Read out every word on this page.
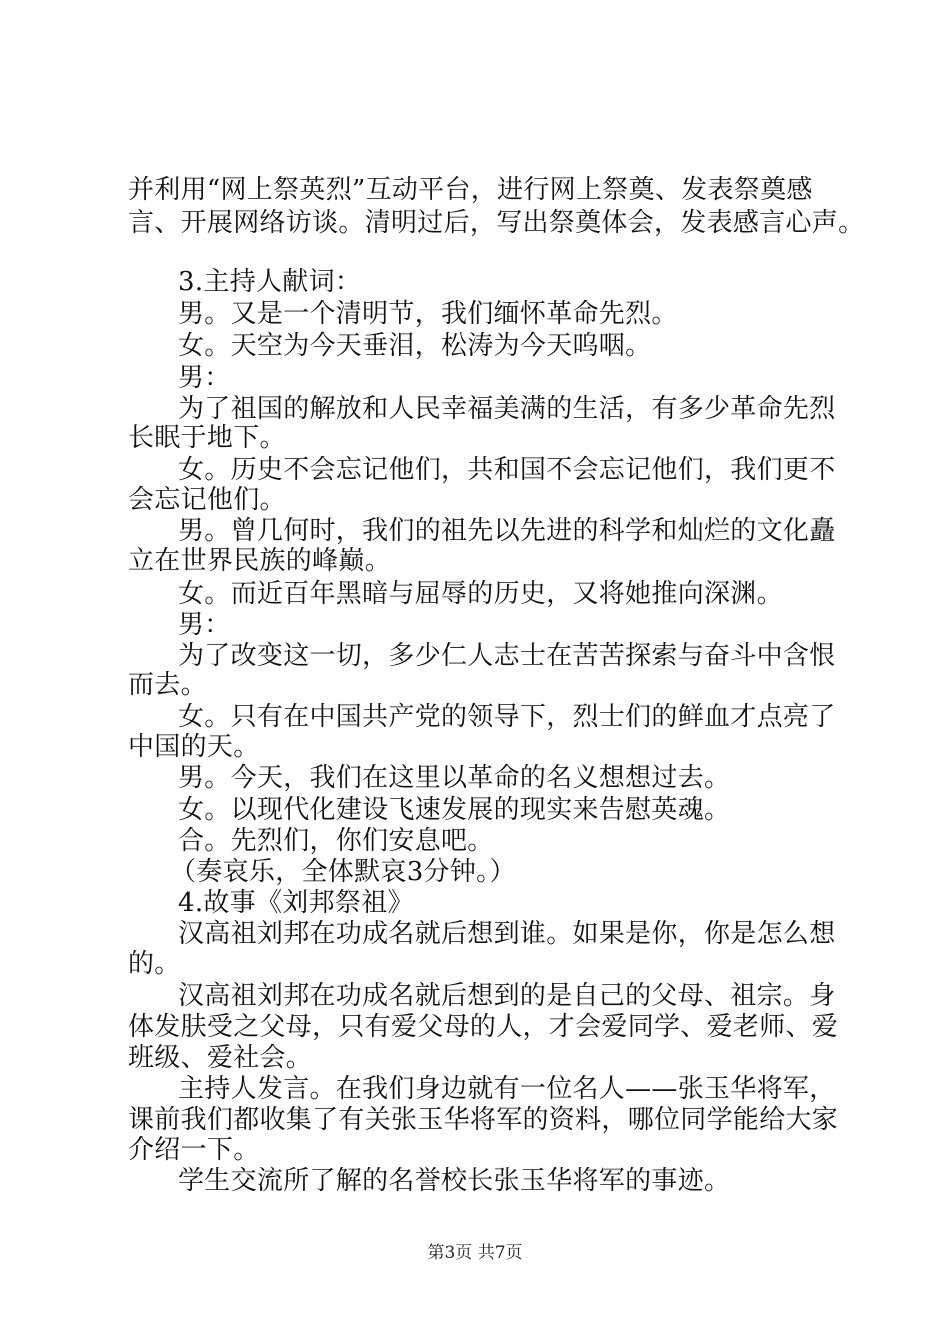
并利用“网上祭英烈”互动平台，进行网上祭奠、发表祭奠感
言、开展网络访谈。清明过后，写出祭奠体会，发表感言心声。
3.主持人献词：
男。又是一个清明节，我们缅怀革命先烈。
女。天空为今天垂泪，松涛为今天呜咽。
男：
为了祖国的解放和人民幸福美满的生活，有多少革命先烈
长眠于地下。
女。历史不会忘记他们，共和国不会忘记他们，我们更不
会忘记他们。
男。曾几何时，我们的祖先以先进的科学和灿烂的文化矗
立在世界民族的峰巅。
女。而近百年黑暗与屈辱的历史，又将她推向深渊。
男：
为了改变这一切，多少仁人志士在苦苦探索与奋斗中含恨
而去。
女。只有在中国共产党的领导下，烈士们的鲜血才点亮了
中国的天。
男。今天，我们在这里以革命的名义想想过去。
女。以现代化建设飞速发展的现实来告慰英魂。
合。先烈们，你们安息吧。
（奏哀乐，全体默哀3分钟。）
4.故事《刘邦祭祖》
汉高祖刘邦在功成名就后想到谁。如果是你，你是怎么想
的。
汉高祖刘邦在功成名就后想到的是自己的父母、祖宗。身
体发肤受之父母，只有爱父母的人，才会爱同学、爱老师、爱
班级、爱社会。
主持人发言。在我们身边就有一位名人——张玉华将军，
课前我们都收集了有关张玉华将军的资料，哪位同学能给大家
介绍一下。
学生交流所了解的名誉校长张玉华将军的事迹。
第3页 共7页
